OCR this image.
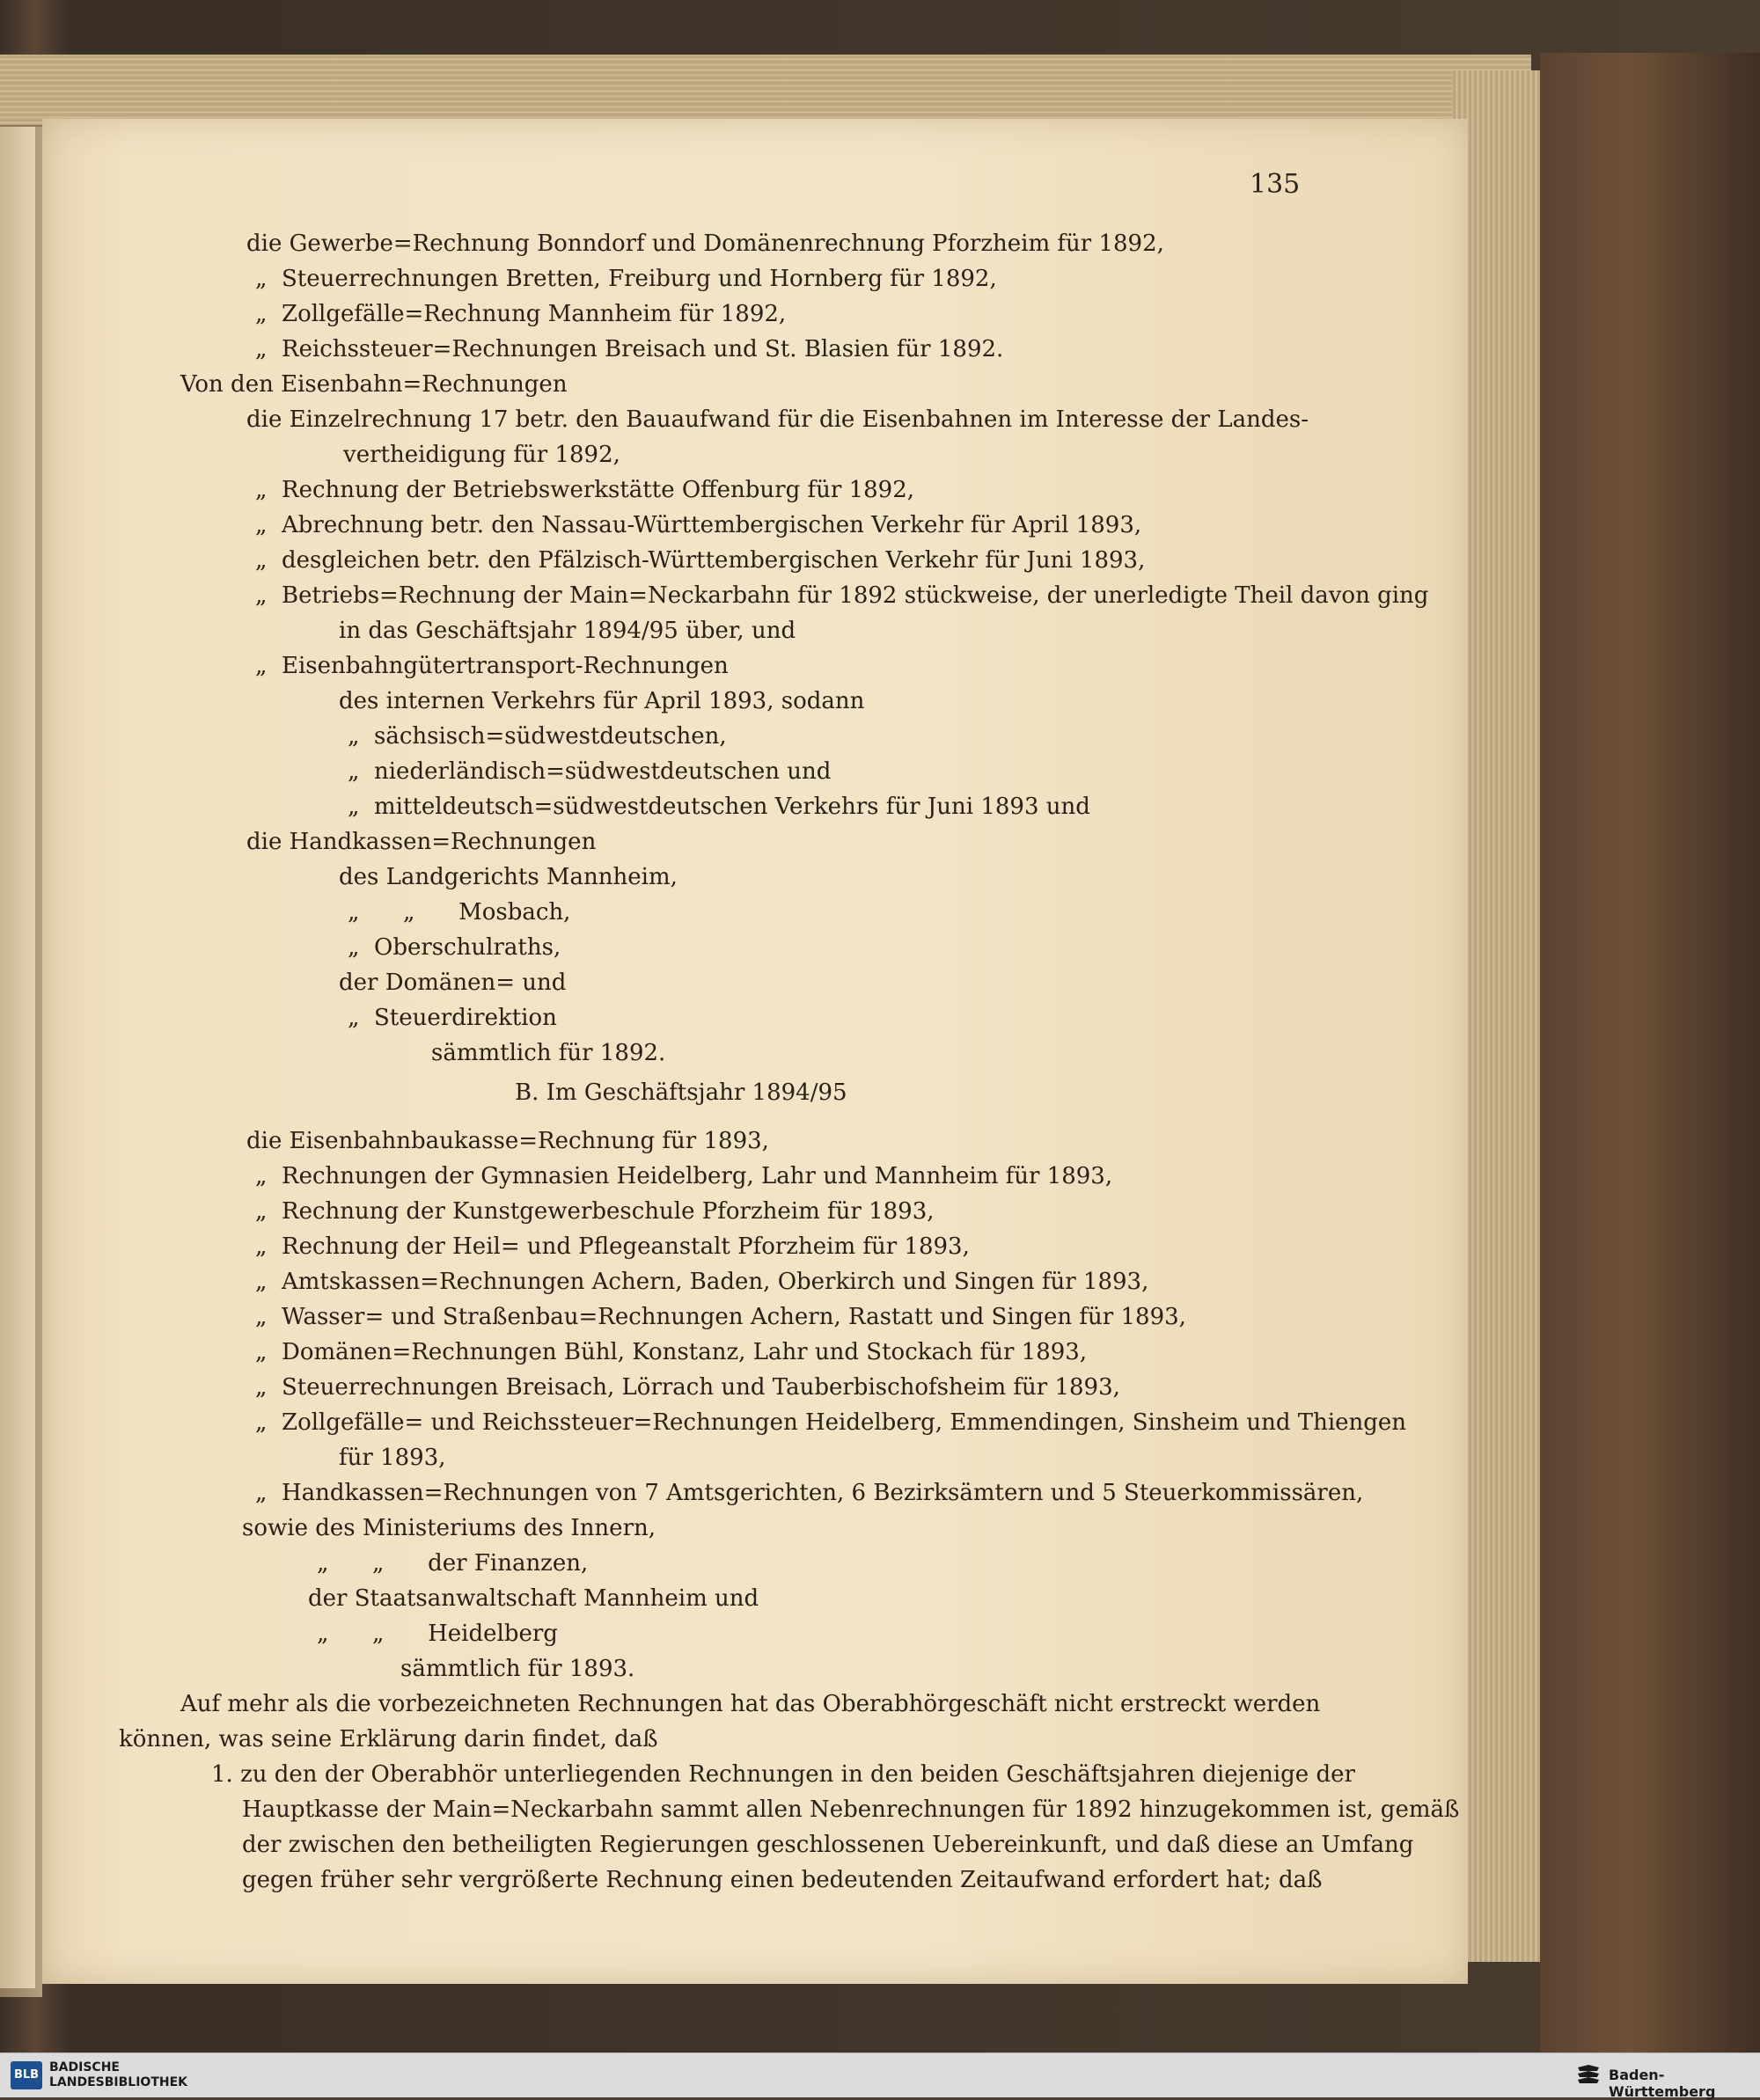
135
die Gewerbe=Rechnung Bonndorf und Domänenrechnung Pforzheim für 1892,
„  Steuerrechnungen Bretten, Freiburg und Hornberg für 1892,
„  Zollgefälle=Rechnung Mannheim für 1892,
„  Reichssteuer=Rechnungen Breisach und St. Blasien für 1892.
Von den Eisenbahn=Rechnungen
die Einzelrechnung 17 betr. den Bauaufwand für die Eisenbahnen im Interesse der Landes-
vertheidigung für 1892,
„  Rechnung der Betriebswerkstätte Offenburg für 1892,
„  Abrechnung betr. den Nassau-Württembergischen Verkehr für April 1893,
„  desgleichen betr. den Pfälzisch-Württembergischen Verkehr für Juni 1893,
„  Betriebs=Rechnung der Main=Neckarbahn für 1892 stückweise, der unerledigte Theil davon ging
in das Geschäftsjahr 1894/95 über, und
„  Eisenbahngütertransport-Rechnungen
des internen Verkehrs für April 1893, sodann
„  sächsisch=südwestdeutschen,
„  niederländisch=südwestdeutschen und
„  mitteldeutsch=südwestdeutschen Verkehrs für Juni 1893 und
die Handkassen=Rechnungen
des Landgerichts Mannheim,
„      „      Mosbach,
„  Oberschulraths,
der Domänen= und
„  Steuerdirektion
sämmtlich für 1892.
B. Im Geschäftsjahr 1894/95
die Eisenbahnbaukasse=Rechnung für 1893,
„  Rechnungen der Gymnasien Heidelberg, Lahr und Mannheim für 1893,
„  Rechnung der Kunstgewerbeschule Pforzheim für 1893,
„  Rechnung der Heil= und Pflegeanstalt Pforzheim für 1893,
„  Amtskassen=Rechnungen Achern, Baden, Oberkirch und Singen für 1893,
„  Wasser= und Straßenbau=Rechnungen Achern, Rastatt und Singen für 1893,
„  Domänen=Rechnungen Bühl, Konstanz, Lahr und Stockach für 1893,
„  Steuerrechnungen Breisach, Lörrach und Tauberbischofsheim für 1893,
„  Zollgefälle= und Reichssteuer=Rechnungen Heidelberg, Emmendingen, Sinsheim und Thiengen
für 1893,
„  Handkassen=Rechnungen von 7 Amtsgerichten, 6 Bezirksämtern und 5 Steuerkommissären,
sowie des Ministeriums des Innern,
„      „      der Finanzen,
der Staatsanwaltschaft Mannheim und
„      „      Heidelberg
sämmtlich für 1893.
Auf mehr als die vorbezeichneten Rechnungen hat das Oberabhörgeschäft nicht erstreckt werden
können, was seine Erklärung darin findet, daß
1. zu den der Oberabhör unterliegenden Rechnungen in den beiden Geschäftsjahren diejenige der
Hauptkasse der Main=Neckarbahn sammt allen Nebenrechnungen für 1892 hinzugekommen ist, gemäß
der zwischen den betheiligten Regierungen geschlossenen Uebereinkunft, und daß diese an Umfang
gegen früher sehr vergrößerte Rechnung einen bedeutenden Zeitaufwand erfordert hat; daß
BLB
BADISCHE
LANDESBIBLIOTHEK	Baden-Württemberg
